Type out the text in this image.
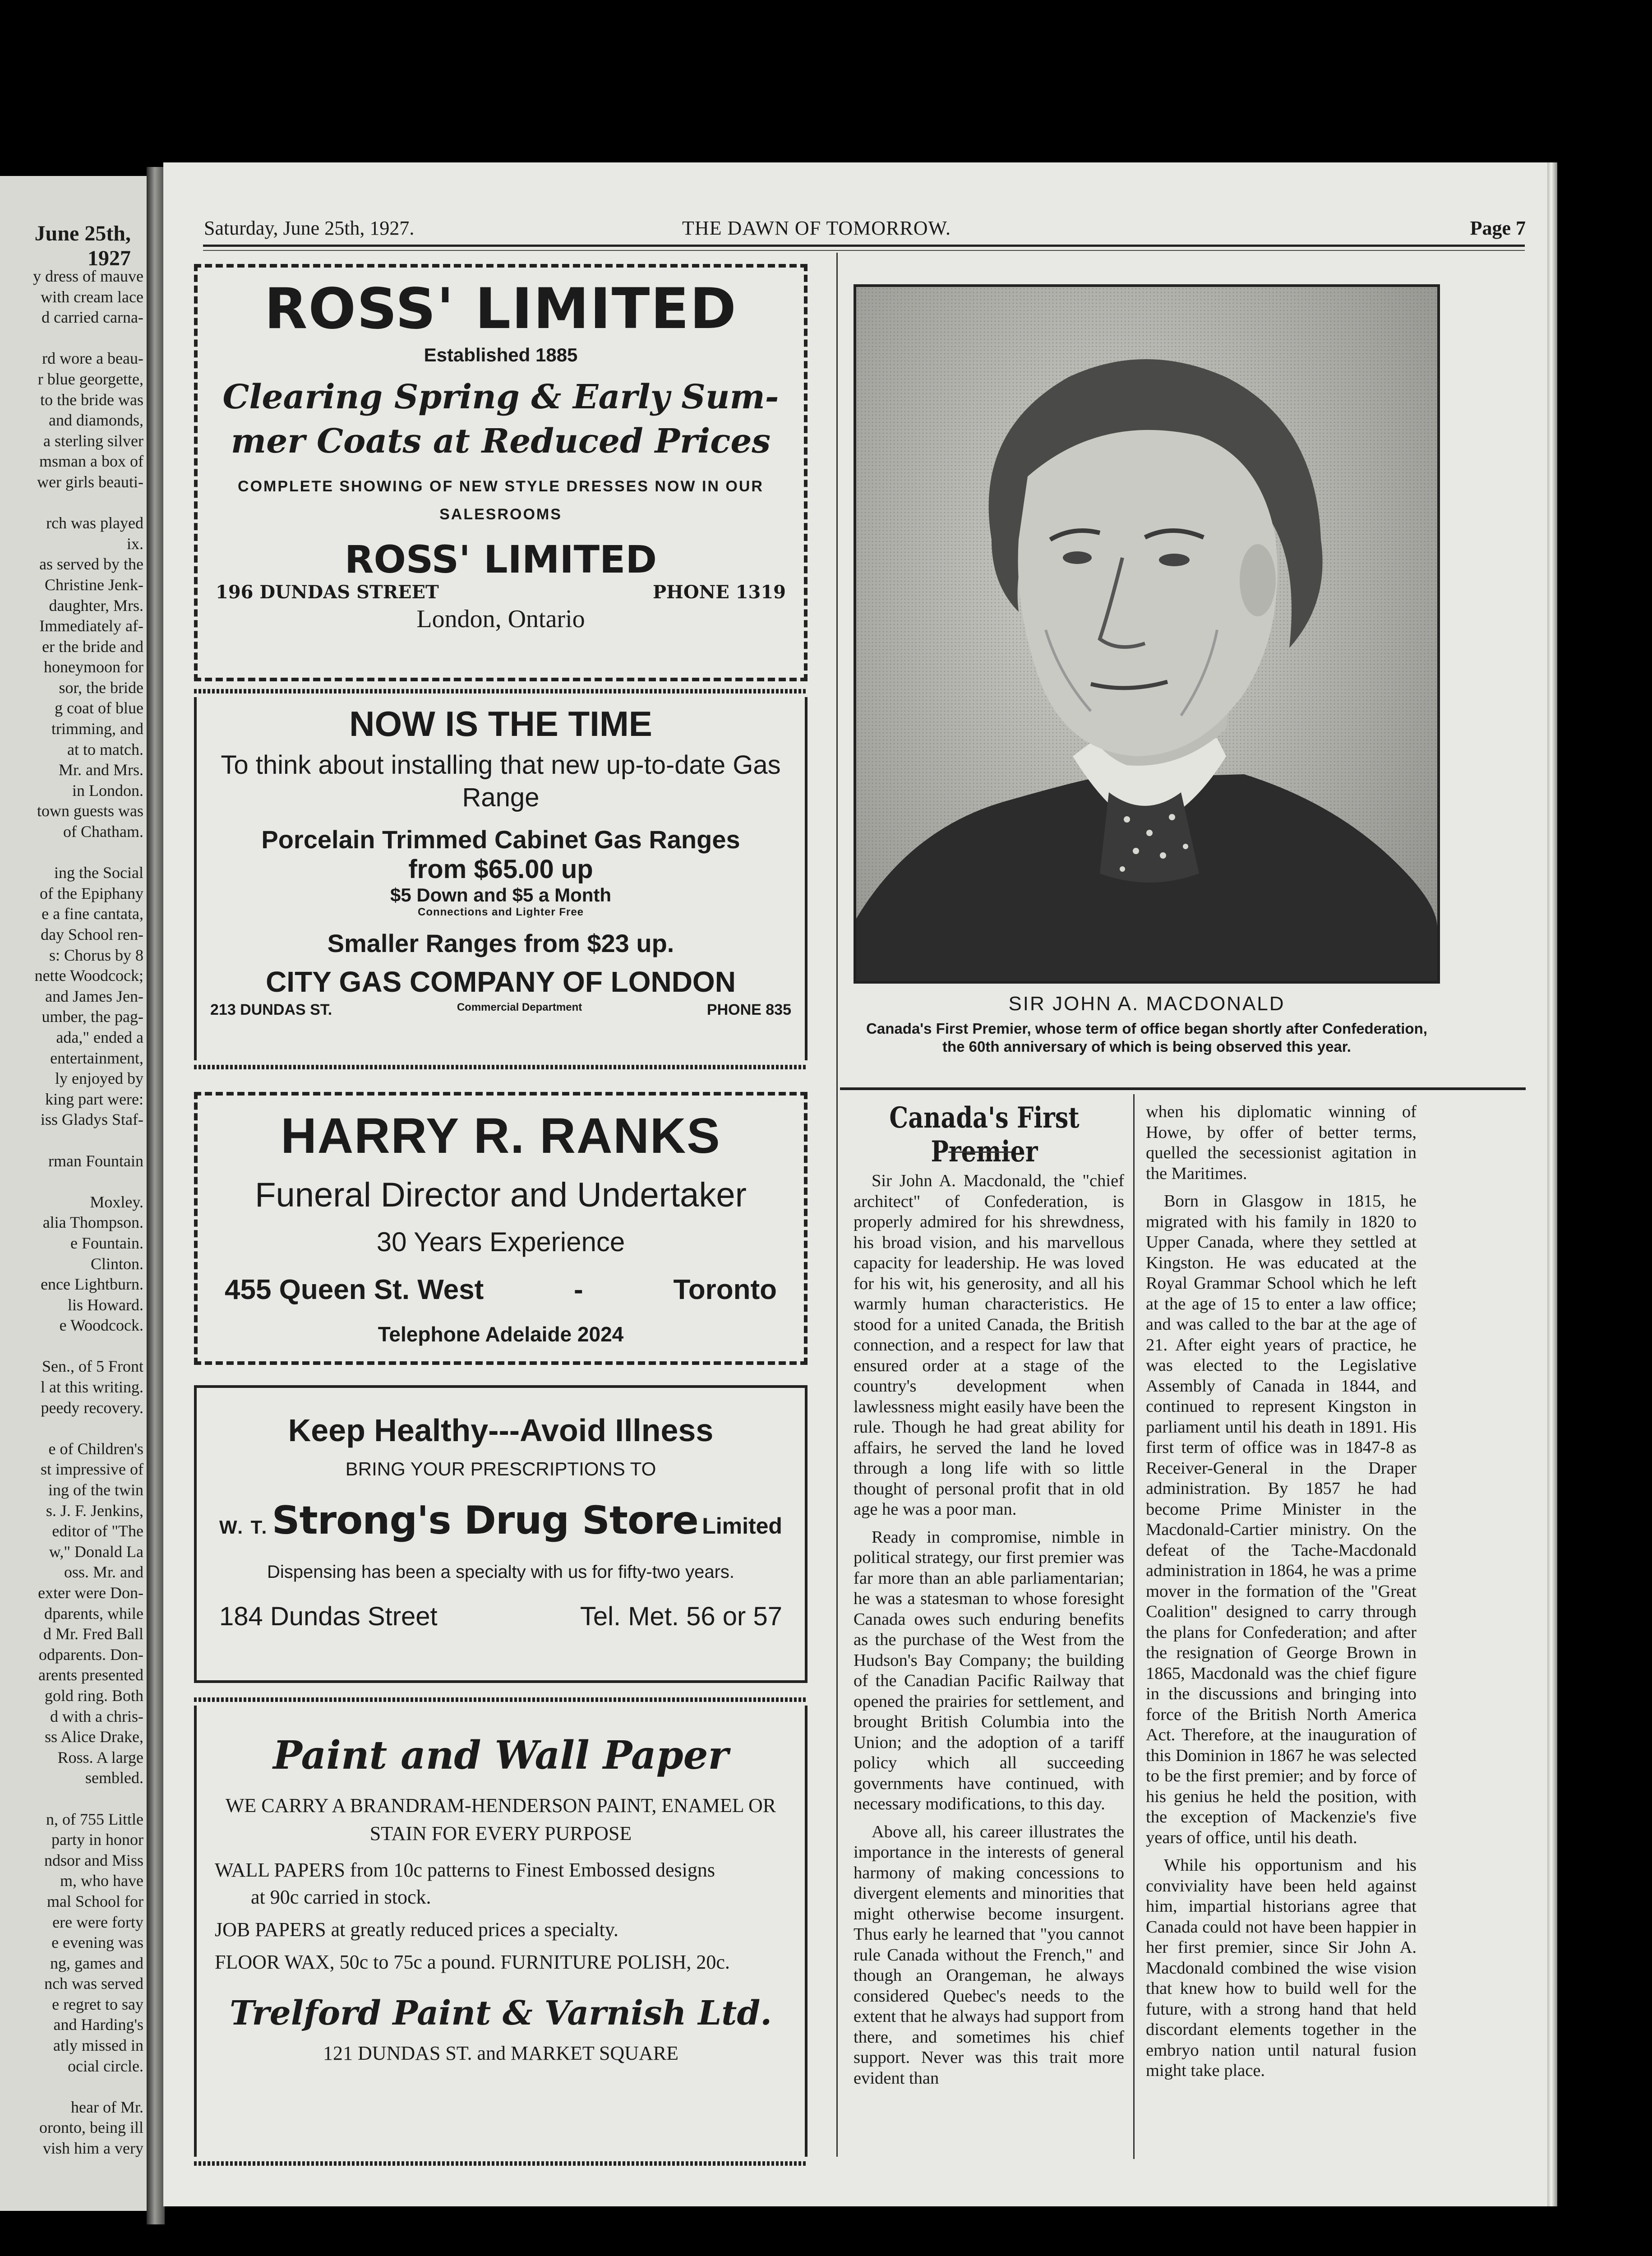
June 25th, 1927
y dress of mauve
with cream lace
d carried carna-

rd wore a beau-
r blue georgette,
to the bride was
and diamonds,
a sterling silver
msman a box of
wer girls beauti-

rch was played
ix.
as served by the
Christine Jenk-
daughter, Mrs.
Immediately af-
er the bride and
honeymoon for
sor, the bride
g coat of blue
trimming, and
at to match.
Mr. and Mrs.
in London.
town guests was
of Chatham.

ing the Social
of the Epiphany
e a fine cantata,
day School ren-
s: Chorus by 8
nette Woodcock;
and James Jen-
umber, the pag-
ada," ended a
entertainment,
ly enjoyed by
king part were:
iss Gladys Staf-

rman Fountain

Moxley.
alia Thompson.
e Fountain.
Clinton.
ence Lightburn.
lis Howard.
e Woodcock.

Sen., of 5 Front
l at this writing.
peedy recovery.

e of Children's
st impressive of
ing of the twin
s. J. F. Jenkins,
editor of "The
w," Donald La
oss. Mr. and
exter were Don-
dparents, while
d Mr. Fred Ball
odparents. Don-
arents presented
gold ring. Both
d with a chris-
ss Alice Drake,
Ross. A large
sembled.

n, of 755 Little
party in honor
ndsor and Miss
m, who have
mal School for
ere were forty
e evening was
ng, games and
nch was served
e regret to say
and Harding's
atly missed in
ocial circle.

hear of Mr.
oronto, being ill
vish him a very
Saturday, June 25th, 1927.	THE DAWN OF TOMORROW.	Page 7

ROSS' LIMITED

Established 1885

Clearing Spring & Early Sum-mer Coats at Reduced Prices

COMPLETE SHOWING OF NEW STYLE DRESSES NOW IN OUR SALESROOMS

ROSS' LIMITED

196 DUNDAS STREET	PHONE 1319

London, Ontario

NOW IS THE TIME

To think about installing that new up-to-date Gas Range

Porcelain Trimmed Cabinet Gas Ranges

from $65.00 up

$5 Down and $5 a Month

Connections and Lighter Free

Smaller Ranges from $23 up.

CITY GAS COMPANY OF LONDON

213 DUNDAS ST.	Commercial Department	PHONE 835

HARRY R. RANKS

Funeral Director and Undertaker

30 Years Experience

455 Queen St. West	-	Toronto

Telephone Adelaide 2024

Keep Healthy---Avoid Illness

BRING YOUR PRESCRIPTIONS TO

W. T. Strong's Drug Store Limited

Dispensing has been a specialty with us for fifty-two years.

184 Dundas Street	Tel. Met. 56 or 57

Paint and Wall Paper

WE CARRY A BRANDRAM-HENDERSON PAINT, ENAMEL OR STAIN FOR EVERY PURPOSE

WALL PAPERS from 10c patterns to Finest Embossed designs
at 90c carried in stock.

JOB PAPERS at greatly reduced prices a specialty.

FLOOR WAX, 50c to 75c a pound. FURNITURE POLISH, 20c.

Trelford Paint & Varnish Ltd.

121 DUNDAS ST. and MARKET SQUARE

SIR JOHN A. MACDONALD
Canada's First Premier, whose term of office began shortly after Confederation, the 60th anniversary of which is being observed this year.
Canada's First Premier

Sir John A. Macdonald, the "chief architect" of Confederation, is properly admired for his shrewdness, his broad vision, and his marvellous capacity for leadership. He was loved for his wit, his generosity, and all his warmly human characteristics. He stood for a united Canada, the British connection, and a respect for law that ensured order at a stage of the country's development when lawlessness might easily have been the rule. Though he had great ability for affairs, he served the land he loved through a long life with so little thought of personal profit that in old age he was a poor man.

Ready in compromise, nimble in political strategy, our first premier was far more than an able parliamentarian; he was a statesman to whose foresight Canada owes such enduring benefits as the purchase of the West from the Hudson's Bay Company; the building of the Canadian Pacific Railway that opened the prairies for settlement, and brought British Columbia into the Union; and the adoption of a tariff policy which all succeeding governments have continued, with necessary modifications, to this day.

Above all, his career illustrates the importance in the interests of general harmony of making concessions to divergent elements and minorities that might otherwise become insurgent. Thus early he learned that "you cannot rule Canada without the French," and though an Orangeman, he always considered Quebec's needs to the extent that he always had support from there, and sometimes his chief support. Never was this trait more evident than

when his diplomatic winning of Howe, by offer of better terms, quelled the secessionist agitation in the Maritimes.

Born in Glasgow in 1815, he migrated with his family in 1820 to Upper Canada, where they settled at Kingston. He was educated at the Royal Grammar School which he left at the age of 15 to enter a law office; and was called to the bar at the age of 21. After eight years of practice, he was elected to the Legislative Assembly of Canada in 1844, and continued to represent Kingston in parliament until his death in 1891. His first term of office was in 1847-8 as Receiver-General in the Draper administration. By 1857 he had become Prime Minister in the Macdonald-Cartier ministry. On the defeat of the Tache-Macdonald administration in 1864, he was a prime mover in the formation of the "Great Coalition" designed to carry through the plans for Confederation; and after the resignation of George Brown in 1865, Macdonald was the chief figure in the discussions and bringing into force of the British North America Act. Therefore, at the inauguration of this Dominion in 1867 he was selected to be the first premier; and by force of his genius he held the position, with the exception of Mackenzie's five years of office, until his death.

While his opportunism and his conviviality have been held against him, impartial historians agree that Canada could not have been happier in her first premier, since Sir John A. Macdonald combined the wise vision that knew how to build well for the future, with a strong hand that held discordant elements together in the embryo nation until natural fusion might take place.
